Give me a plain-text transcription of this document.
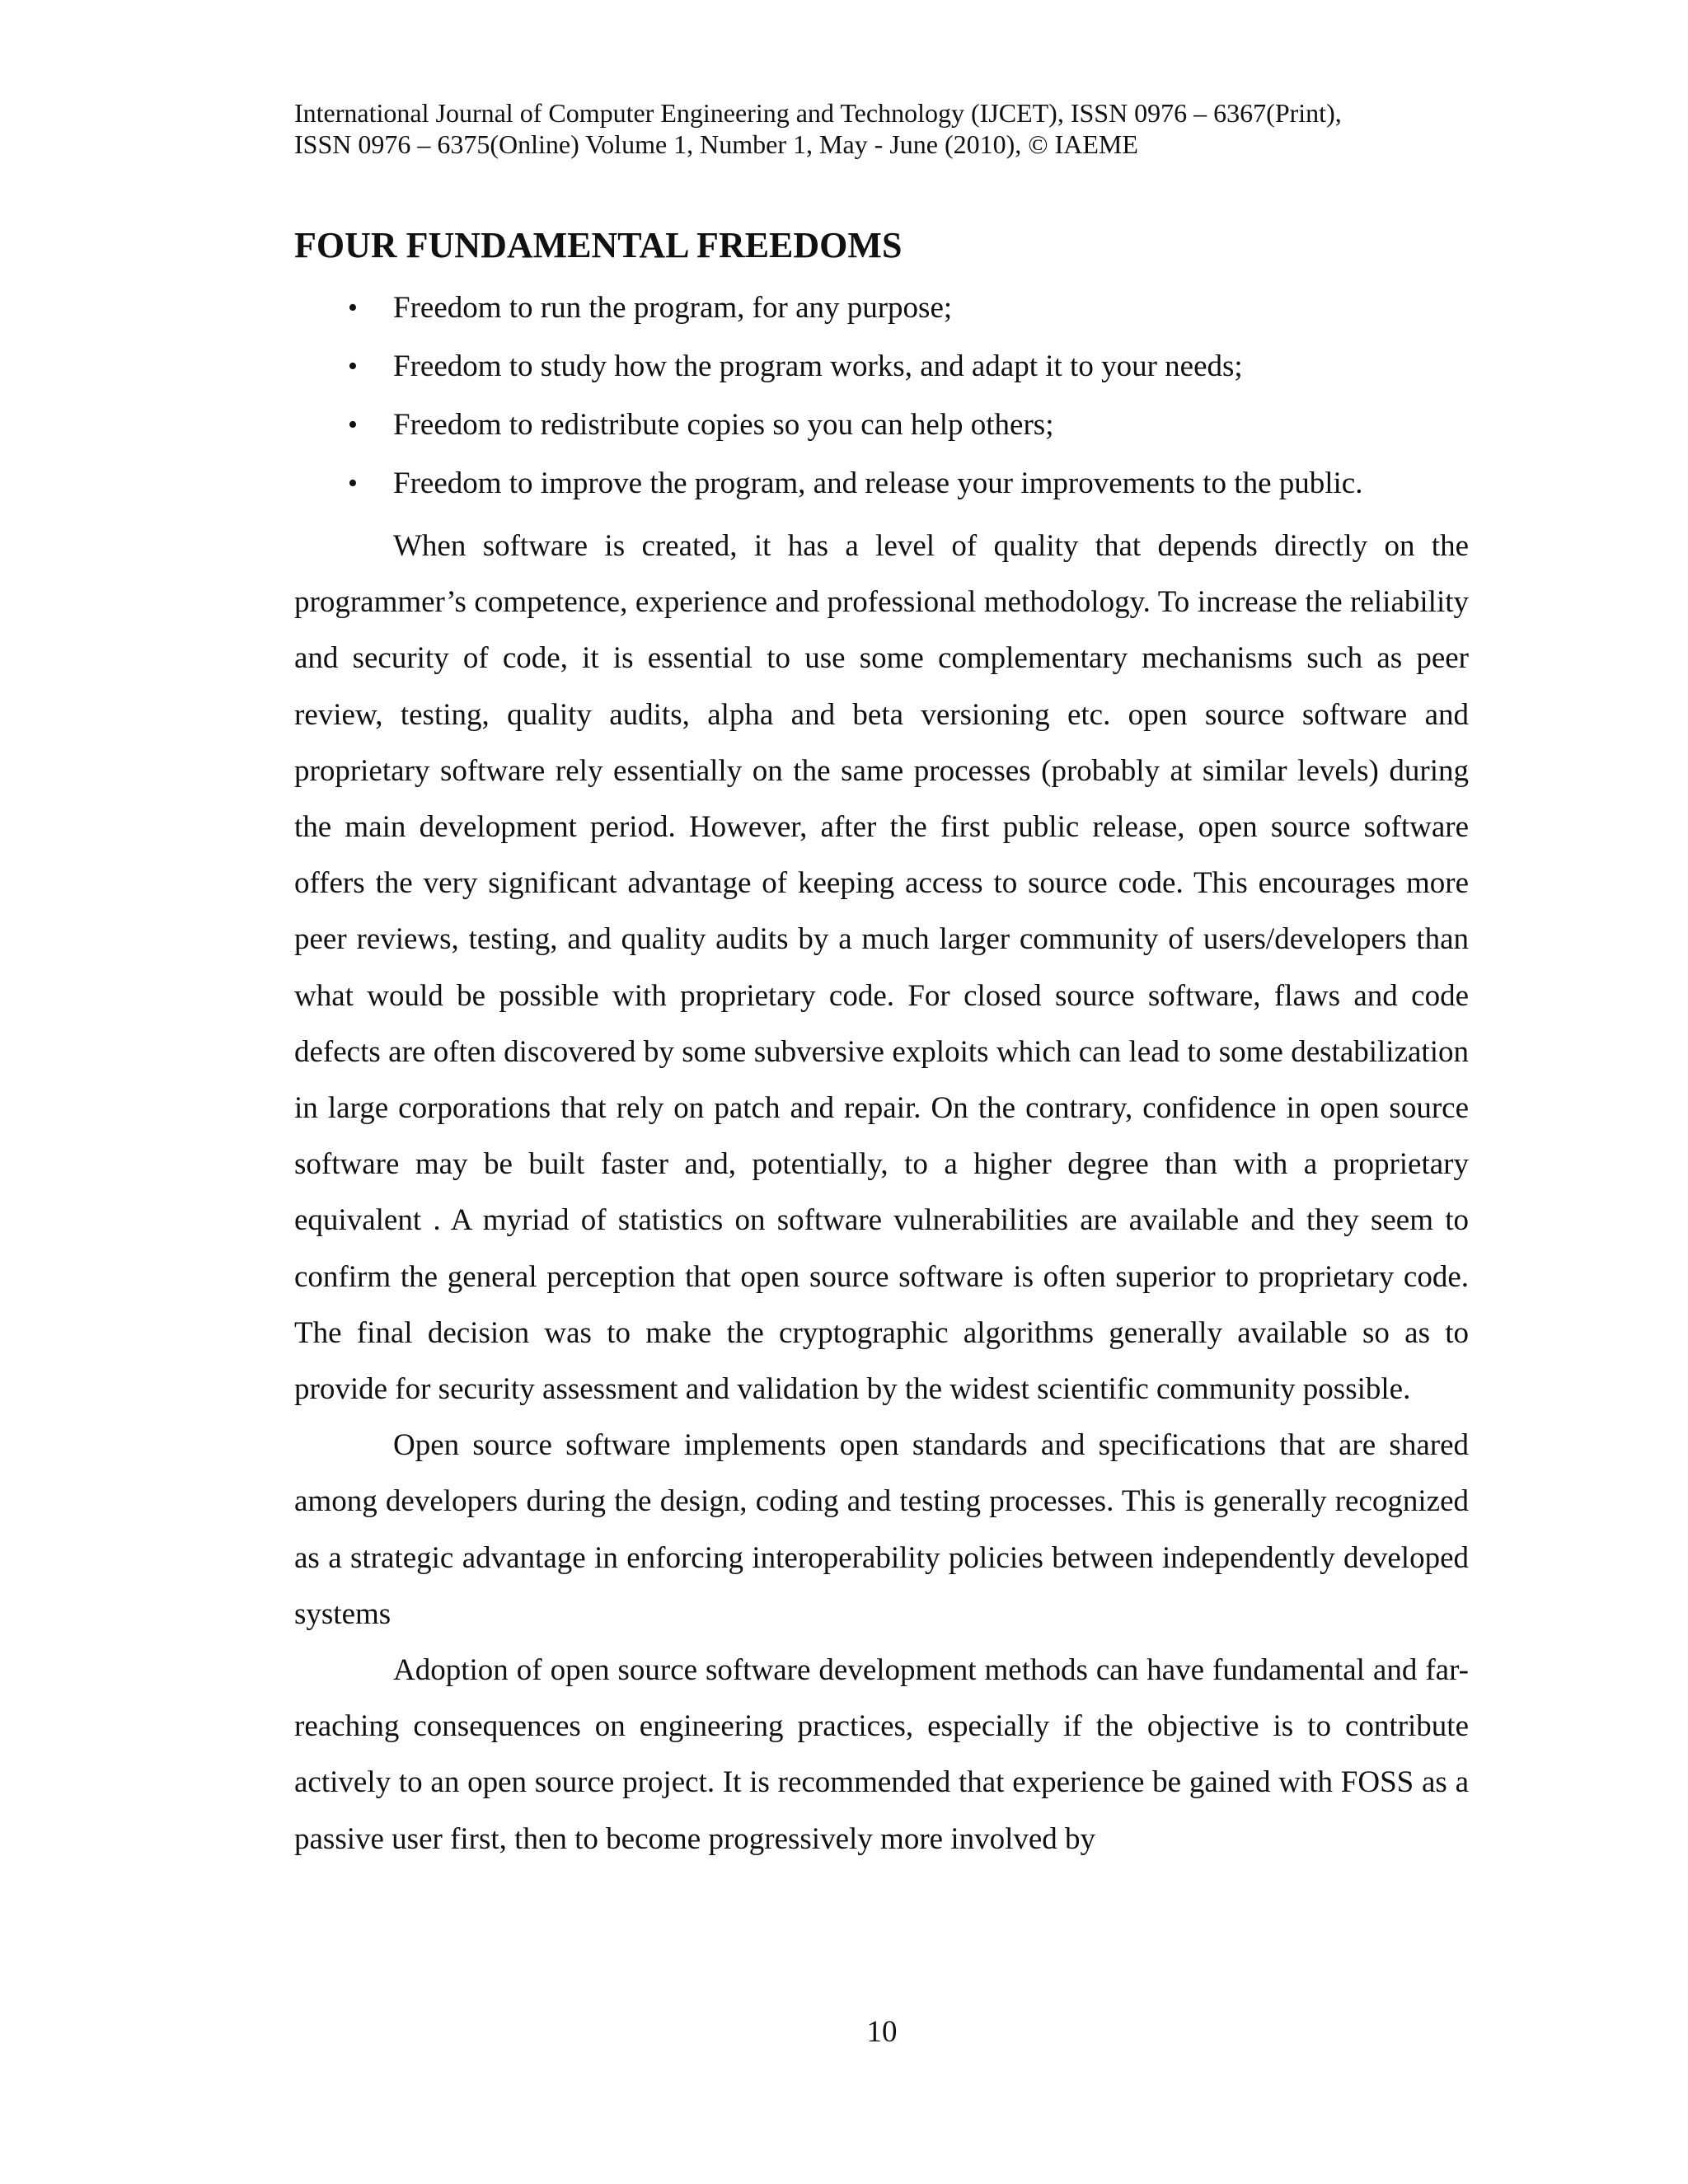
International Journal of Computer Engineering and Technology (IJCET), ISSN 0976 – 6367(Print),
ISSN 0976 – 6375(Online) Volume 1, Number 1, May - June (2010), © IAEME
FOUR FUNDAMENTAL FREEDOMS
•	Freedom to run the program, for any purpose;
•	Freedom to study how the program works, and adapt it to your needs;
•	Freedom to redistribute copies so you can help others;
•	Freedom to improve the program, and release your improvements to the public.

When software is created, it has a level of quality that depends directly on the programmer’s competence, experience and professional methodology. To increase the reliability and security of code, it is essential to use some complementary mechanisms such as peer review, testing, quality audits, alpha and beta versioning etc. open source software and proprietary software rely essentially on the same processes (probably at similar levels) during the main development period. However, after the first public release, open source software offers the very significant advantage of keeping access to source code. This encourages more peer reviews, testing, and quality audits by a much larger community of users/developers than what would be possible with proprietary code. For closed source software, flaws and code defects are often discovered by some subversive exploits which can lead to some destabilization in large corporations that rely on patch and repair. On the contrary, confidence in open source software may be built faster and, potentially, to a higher degree than with a proprietary equivalent . A myriad of statistics on software vulnerabilities are available and they seem to confirm the general perception that open source software is often superior to proprietary code. The final decision was to make the cryptographic algorithms generally available so as to provide for security assessment and validation by the widest scientific community possible.

Open source software implements open standards and specifications that are shared among developers during the design, coding and testing processes. This is generally recognized as a strategic advantage in enforcing interoperability policies between independently developed systems

Adoption of open source software development methods can have fundamental and far-reaching consequences on engineering practices, especially if the objective is to contribute actively to an open source project. It is recommended that experience be gained with FOSS as a passive user first, then to become progressively more involved by

10
